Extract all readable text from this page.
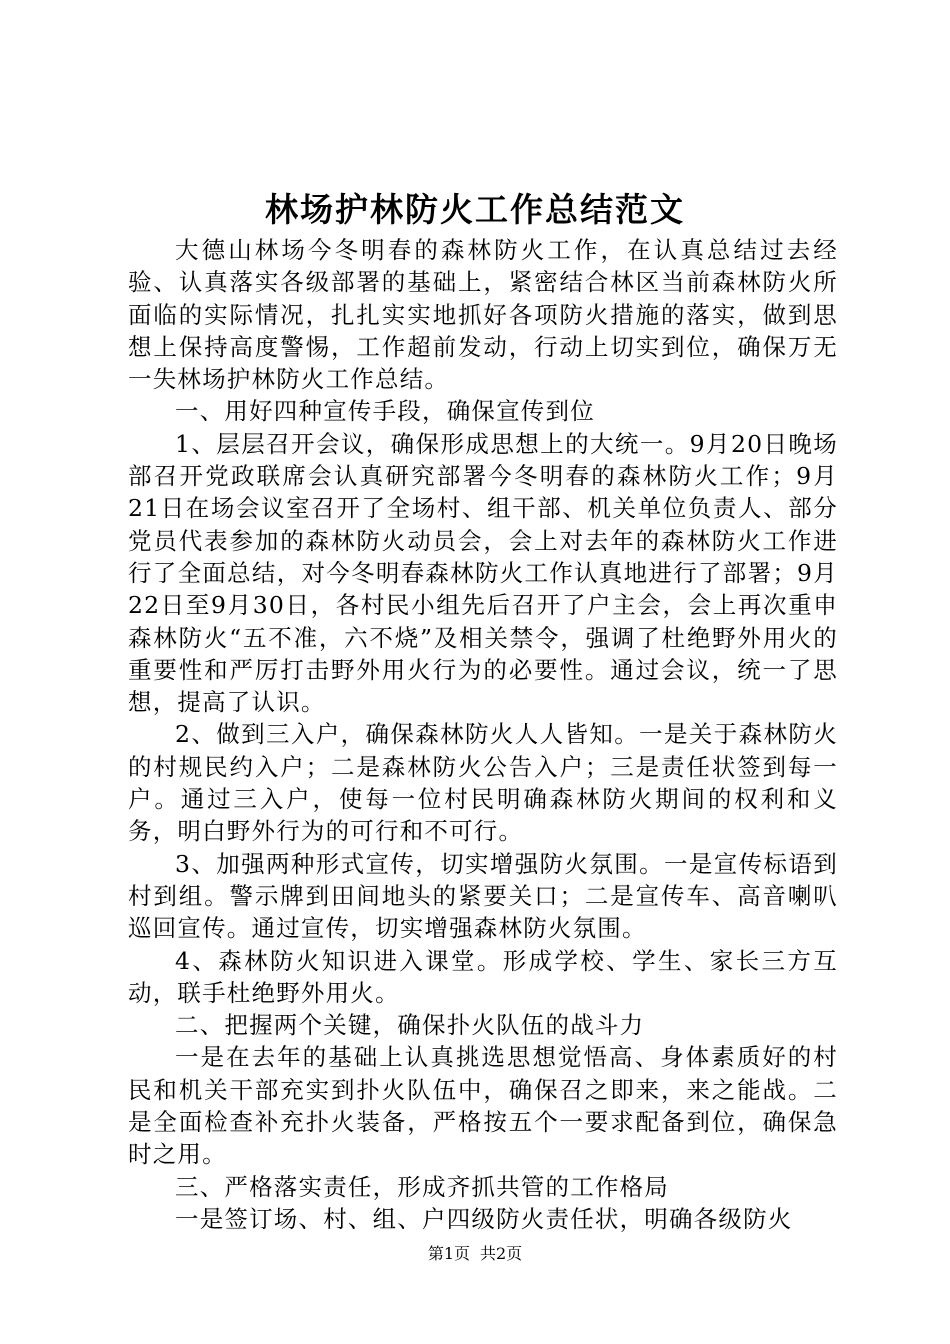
林场护林防火工作总结范文

大德山林场今冬明春的森林防火工作，在认真总结过去经验、认真落实各级部署的基础上，紧密结合林区当前森林防火所面临的实际情况，扎扎实实地抓好各项防火措施的落实，做到思想上保持高度警惕，工作超前发动，行动上切实到位，确保万无一失林场护林防火工作总结。

一、用好四种宣传手段，确保宣传到位

1、层层召开会议，确保形成思想上的大统一。9月20日晚场部召开党政联席会认真研究部署今冬明春的森林防火工作；9月21日在场会议室召开了全场村、组干部、机关单位负责人、部分党员代表参加的森林防火动员会，会上对去年的森林防火工作进行了全面总结，对今冬明春森林防火工作认真地进行了部署；9月22日至9月30日，各村民小组先后召开了户主会，会上再次重申森林防火“五不准，六不烧”及相关禁令，强调了杜绝野外用火的重要性和严厉打击野外用火行为的必要性。通过会议，统一了思想，提高了认识。

2、做到三入户，确保森林防火人人皆知。一是关于森林防火的村规民约入户；二是森林防火公告入户；三是责任状签到每一户。通过三入户，使每一位村民明确森林防火期间的权利和义务，明白野外行为的可行和不可行。

3、加强两种形式宣传，切实增强防火氛围。一是宣传标语到村到组。警示牌到田间地头的紧要关口；二是宣传车、高音喇叭巡回宣传。通过宣传，切实增强森林防火氛围。

4、森林防火知识进入课堂。形成学校、学生、家长三方互动，联手杜绝野外用火。

二、把握两个关键，确保扑火队伍的战斗力

一是在去年的基础上认真挑选思想觉悟高、身体素质好的村民和机关干部充实到扑火队伍中，确保召之即来，来之能战。二是全面检查补充扑火装备，严格按五个一要求配备到位，确保急时之用。

三、严格落实责任，形成齐抓共管的工作格局

一是签订场、村、组、户四级防火责任状，明确各级防火

第1页 共2页
